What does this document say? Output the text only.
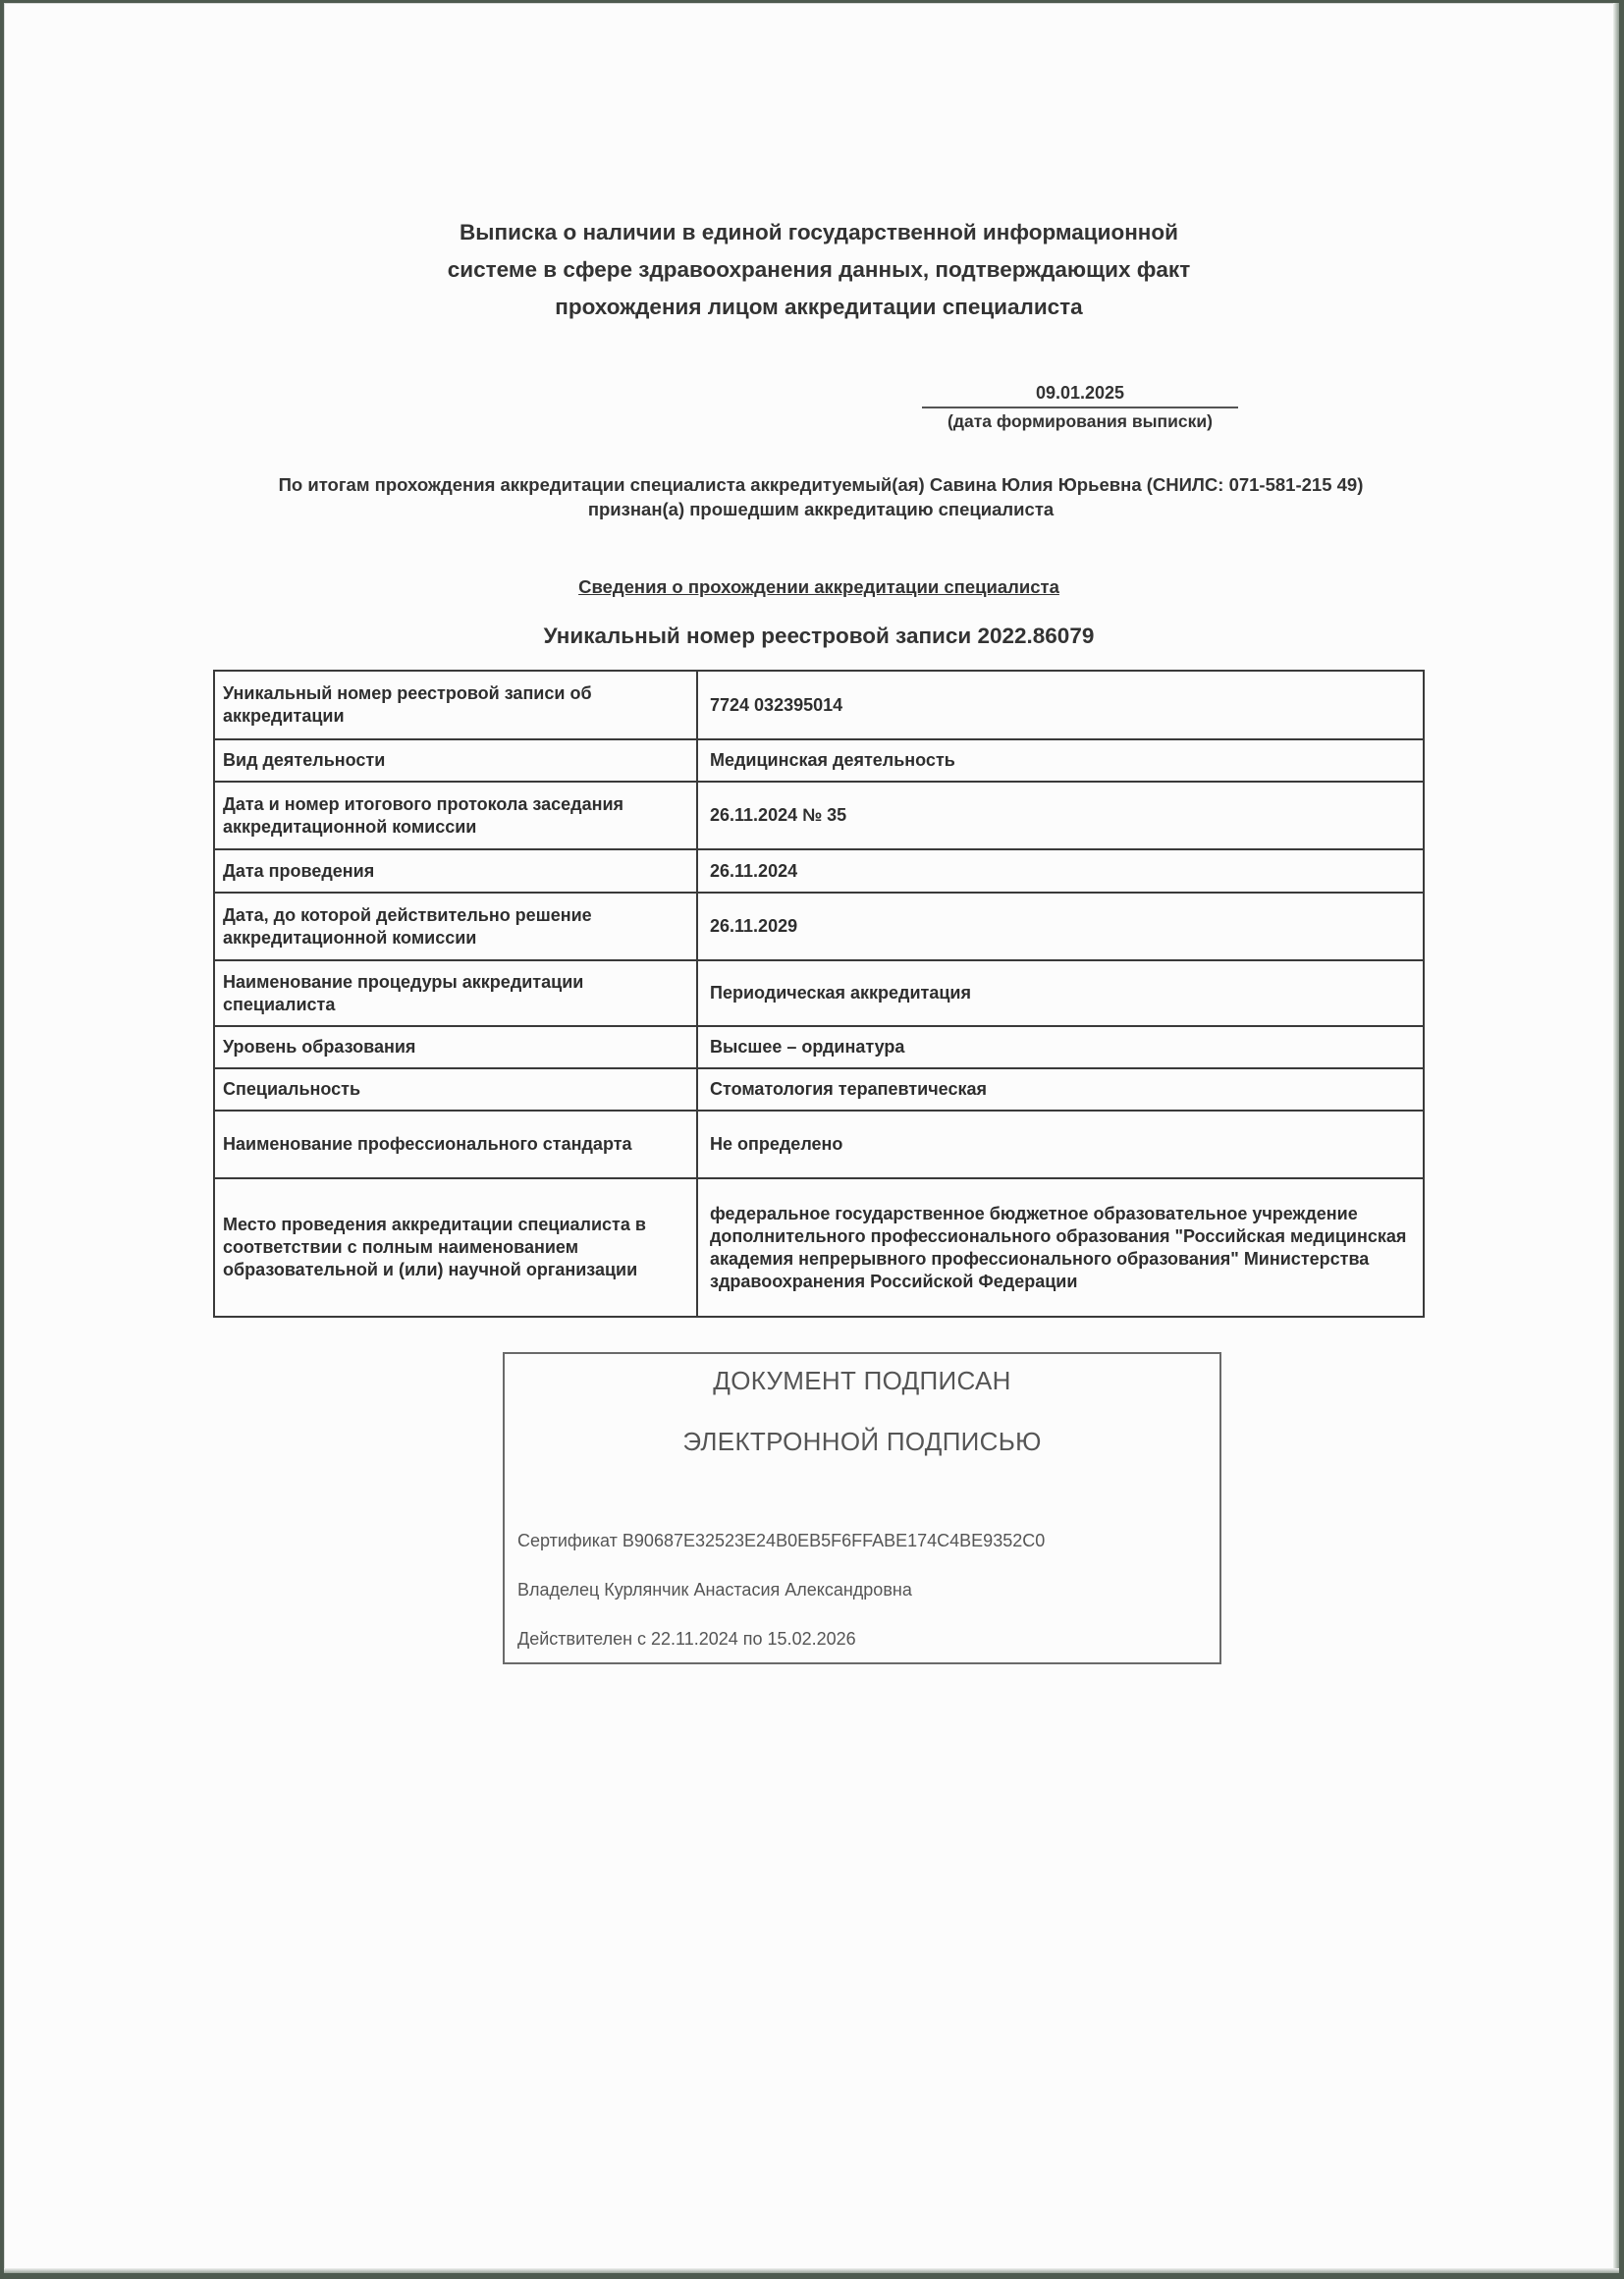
Выписка о наличии в единой государственной информационной
системе в сфере здравоохранения данных, подтверждающих факт
прохождения лицом аккредитации специалиста
09.01.2025
(дата формирования выписки)
По итогам прохождения аккредитации специалиста аккредитуемый(ая) Савина Юлия Юрьевна (СНИЛС: 071-581-215 49)
признан(а) прошедшим аккредитацию специалиста
Сведения о прохождении аккредитации специалиста
Уникальный номер реестровой записи 2022.86079
Уникальный номер реестровой записи об аккредитации	7724 032395014
Вид деятельности	Медицинская деятельность
Дата и номер итогового протокола заседания аккредитационной комиссии	26.11.2024 № 35
Дата проведения	26.11.2024
Дата, до которой действительно решение аккредитационной комиссии	26.11.2029
Наименование процедуры аккредитации специалиста	Периодическая аккредитация
Уровень образования	Высшее – ординатура
Специальность	Стоматология терапевтическая
Наименование профессионального стандарта	Не определено
Место проведения аккредитации специалиста в соответствии с полным наименованием образовательной и (или) научной организации	федеральное государственное бюджетное образовательное учреждение дополнительного профессионального образования "Российская медицинская академия непрерывного профессионального образования" Министерства здравоохранения Российской Федерации
ДОКУМЕНТ ПОДПИСАН
ЭЛЕКТРОННОЙ ПОДПИСЬЮ
Сертификат B90687E32523E24B0EB5F6FFABE174C4BE9352C0
Владелец Курлянчик Анастасия Александровна
Действителен с 22.11.2024 по 15.02.2026
